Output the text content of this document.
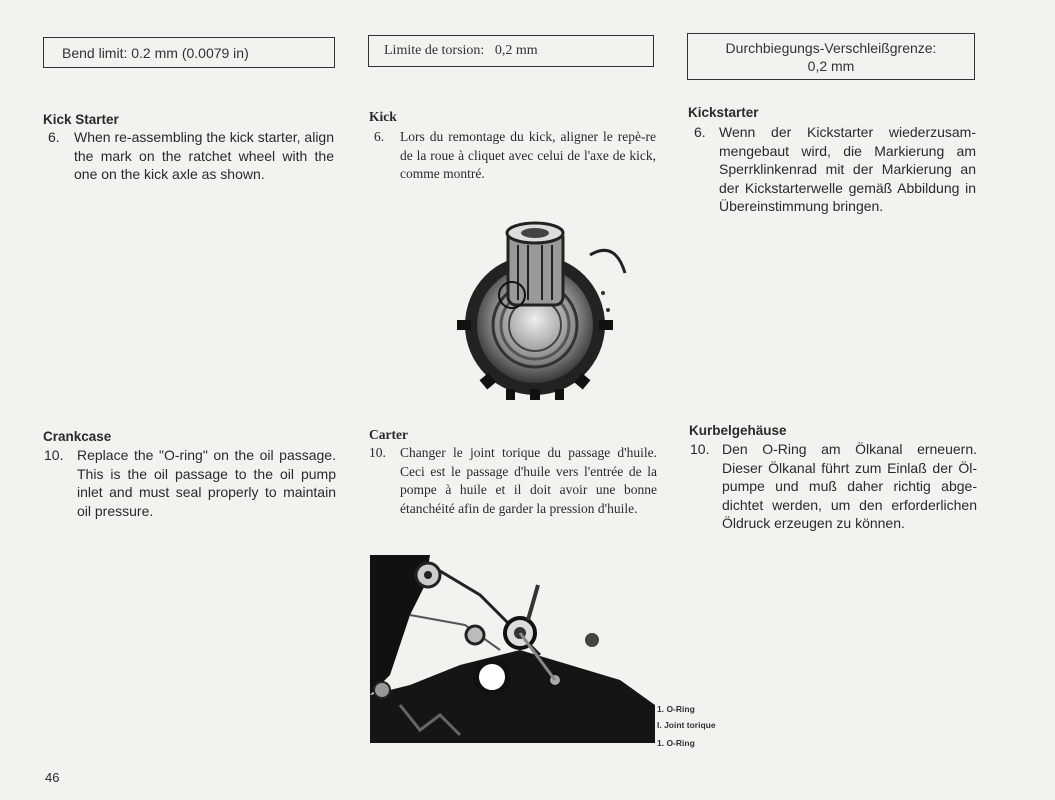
Bend limit: 0.2 mm (0.0079 in)	Limite de torsion:   0,2 mm	Durchbiegungs-Verschleißgrenze:
0,2 mm
Kick Starter
6. When re-assembling the kick starter, align the mark on the ratchet wheel with the one on the kick axle as shown.
Kick
6. Lors du remontage du kick, aligner le repè-re de la roue à cliquet avec celui de l'axe de kick, comme montré.
Kickstarter
6. Wenn der Kickstarter wiederzusam-mengebaut wird, die Markierung am Sperrklinkenrad mit der Markierung an der Kickstarterwelle gemäß Abbildung in Übereinstimmung bringen.
Crankcase
10. Replace the "O-ring" on the oil passage. This is the oil passage to the oil pump inlet and must seal properly to maintain oil pressure.
Carter
10. Changer le joint torique du passage d'huile. Ceci est le passage d'huile vers l'entrée de la pompe à huile et il doit avoir une bonne étanchéité afin de garder la pression d'huile.
Kurbelgehäuse
10. Den O-Ring am Ölkanal erneuern. Dieser Ölkanal führt zum Einlaß der Öl-pumpe und muß daher richtig abge-dichtet werden, um den erforderlichen Öldruck erzeugen zu können.
1. O-Ring
I. Joint torique
1. O-Ring
46
